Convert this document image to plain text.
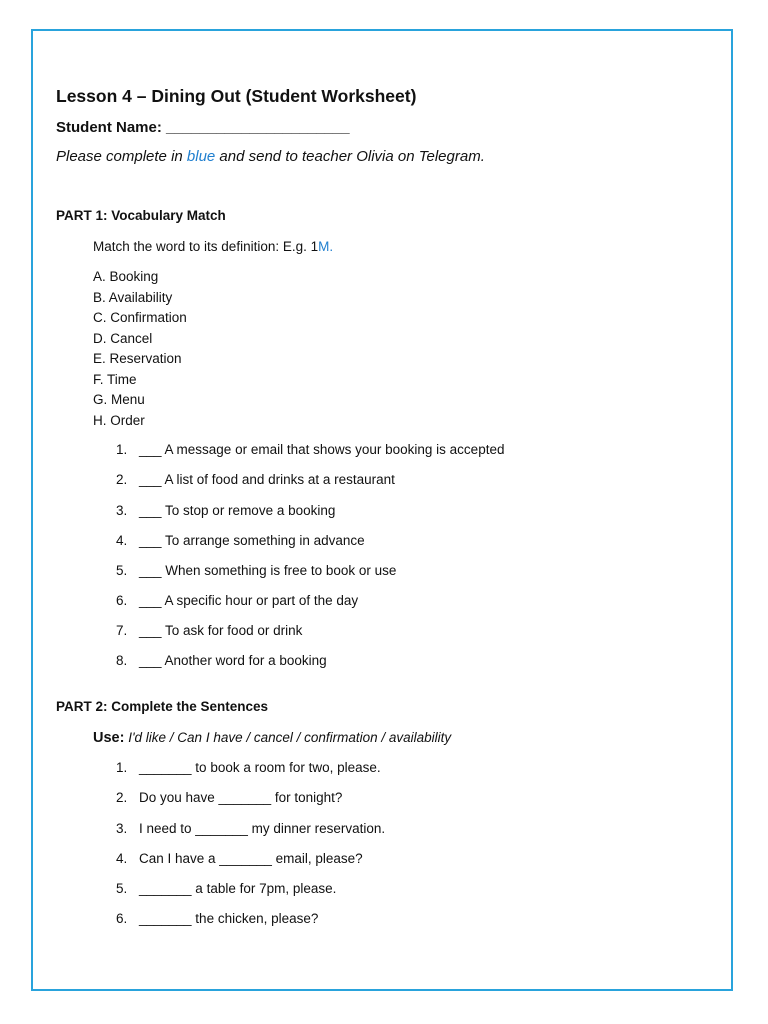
Lesson 4 – Dining Out (Student Worksheet)
Student Name: ______________________
Please complete in blue and send to teacher Olivia on Telegram.
PART 1: Vocabulary Match
Match the word to its definition: E.g. 1M.
A. Booking
B. Availability
C. Confirmation
D. Cancel
E. Reservation
F. Time
G. Menu
H. Order
1. ___ A message or email that shows your booking is accepted
2. ___ A list of food and drinks at a restaurant
3. ___ To stop or remove a booking
4. ___ To arrange something in advance
5. ___ When something is free to book or use
6. ___ A specific hour or part of the day
7. ___ To ask for food or drink
8. ___ Another word for a booking
PART 2: Complete the Sentences
Use: I'd like / Can I have / cancel / confirmation / availability
1. _______ to book a room for two, please.
2. Do you have _______ for tonight?
3. I need to _______ my dinner reservation.
4. Can I have a _______ email, please?
5. _______ a table for 7pm, please.
6. _______ the chicken, please?
